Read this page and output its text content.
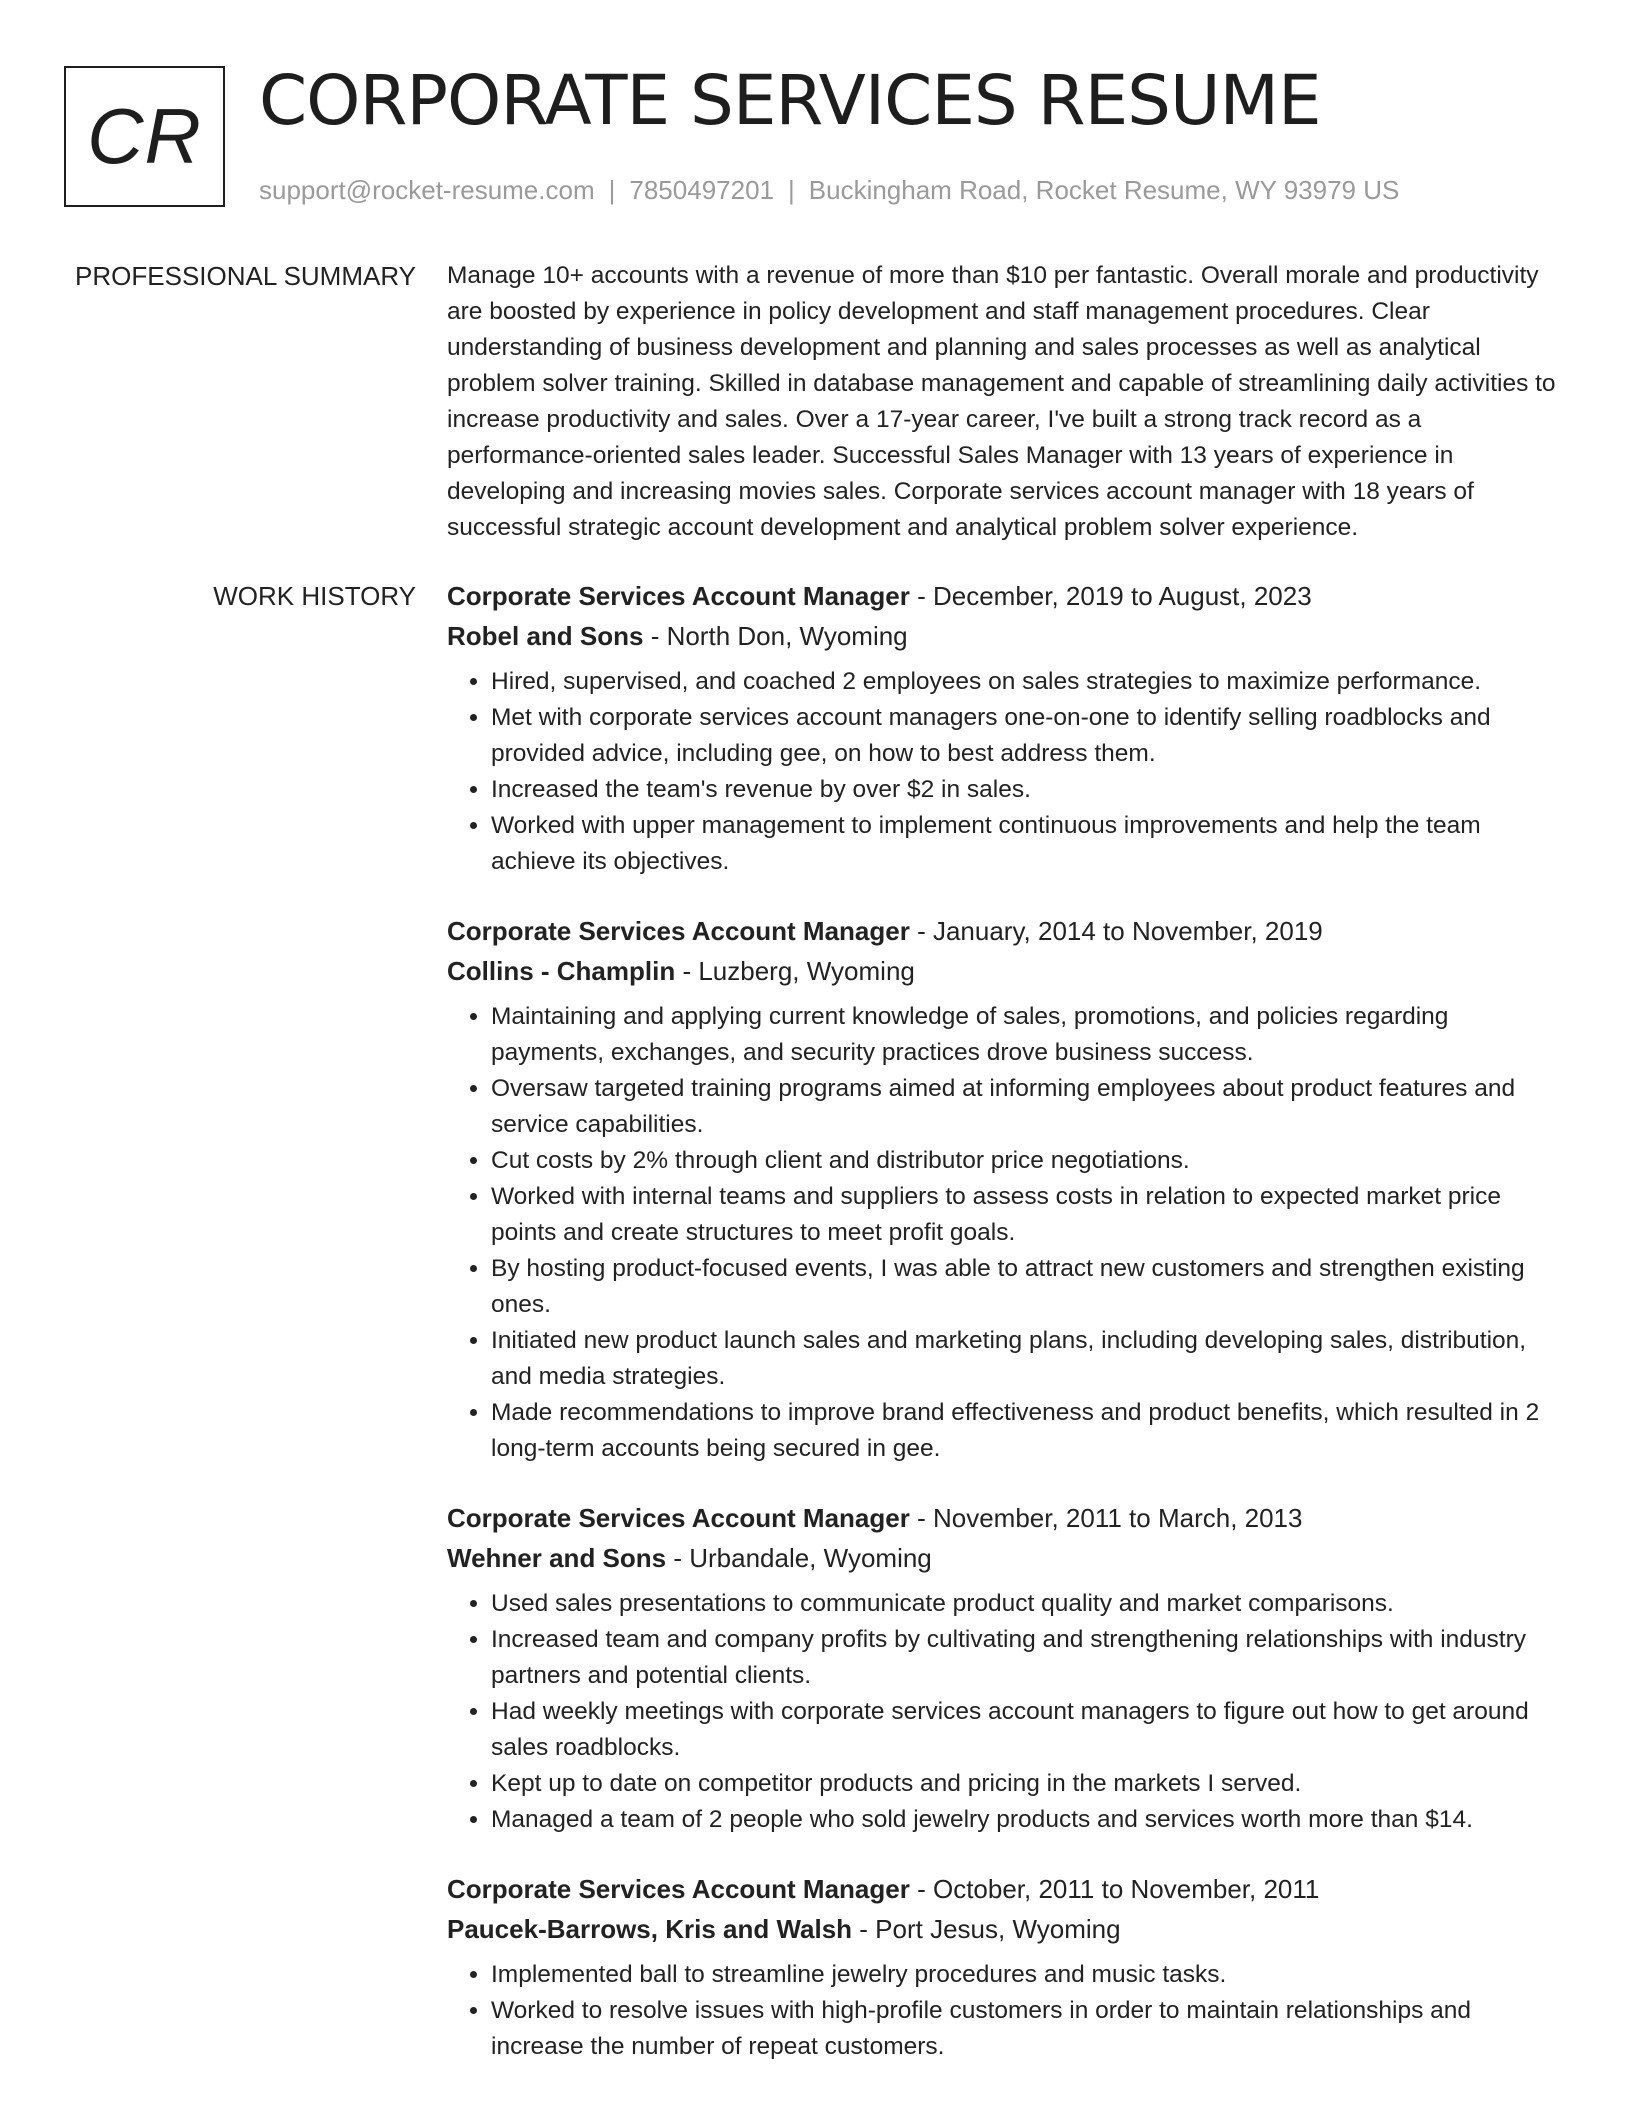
CR CORPORATE SERVICES RESUME
support@rocket-resume.com | 7850497201 | Buckingham Road, Rocket Resume, WY 93979 US
PROFESSIONAL SUMMARY	Manage 10+ accounts with a revenue of more than $10 per fantastic. Overall morale and productivity are boosted by experience in policy development and staff management procedures. Clear understanding of business development and planning and sales processes as well as analytical problem solver training. Skilled in database management and capable of streamlining daily activities to increase productivity and sales. Over a 17-year career, I've built a strong track record as a performance-oriented sales leader. Successful Sales Manager with 13 years of experience in developing and increasing movies sales. Corporate services account manager with 18 years of successful strategic account development and analytical problem solver experience.

WORK HISTORY	Corporate Services Account Manager - December, 2019 to August, 2023
Robel and Sons - North Don, Wyoming
• Hired, supervised, and coached 2 employees on sales strategies to maximize performance.
• Met with corporate services account managers one-on-one to identify selling roadblocks and provided advice, including gee, on how to best address them.
• Increased the team's revenue by over $2 in sales.
• Worked with upper management to implement continuous improvements and help the team achieve its objectives.
Corporate Services Account Manager - January, 2014 to November, 2019
Collins - Champlin - Luzberg, Wyoming
• Maintaining and applying current knowledge of sales, promotions, and policies regarding payments, exchanges, and security practices drove business success.
• Oversaw targeted training programs aimed at informing employees about product features and service capabilities.
• Cut costs by 2% through client and distributor price negotiations.
• Worked with internal teams and suppliers to assess costs in relation to expected market price points and create structures to meet profit goals.
• By hosting product-focused events, I was able to attract new customers and strengthen existing ones.
• Initiated new product launch sales and marketing plans, including developing sales, distribution, and media strategies.
• Made recommendations to improve brand effectiveness and product benefits, which resulted in 2 long-term accounts being secured in gee.
Corporate Services Account Manager - November, 2011 to March, 2013
Wehner and Sons - Urbandale, Wyoming
• Used sales presentations to communicate product quality and market comparisons.
• Increased team and company profits by cultivating and strengthening relationships with industry partners and potential clients.
• Had weekly meetings with corporate services account managers to figure out how to get around sales roadblocks.
• Kept up to date on competitor products and pricing in the markets I served.
• Managed a team of 2 people who sold jewelry products and services worth more than $14.
Corporate Services Account Manager - October, 2011 to November, 2011
Paucek-Barrows, Kris and Walsh - Port Jesus, Wyoming
• Implemented ball to streamline jewelry procedures and music tasks.
• Worked to resolve issues with high-profile customers in order to maintain relationships and increase the number of repeat customers.
